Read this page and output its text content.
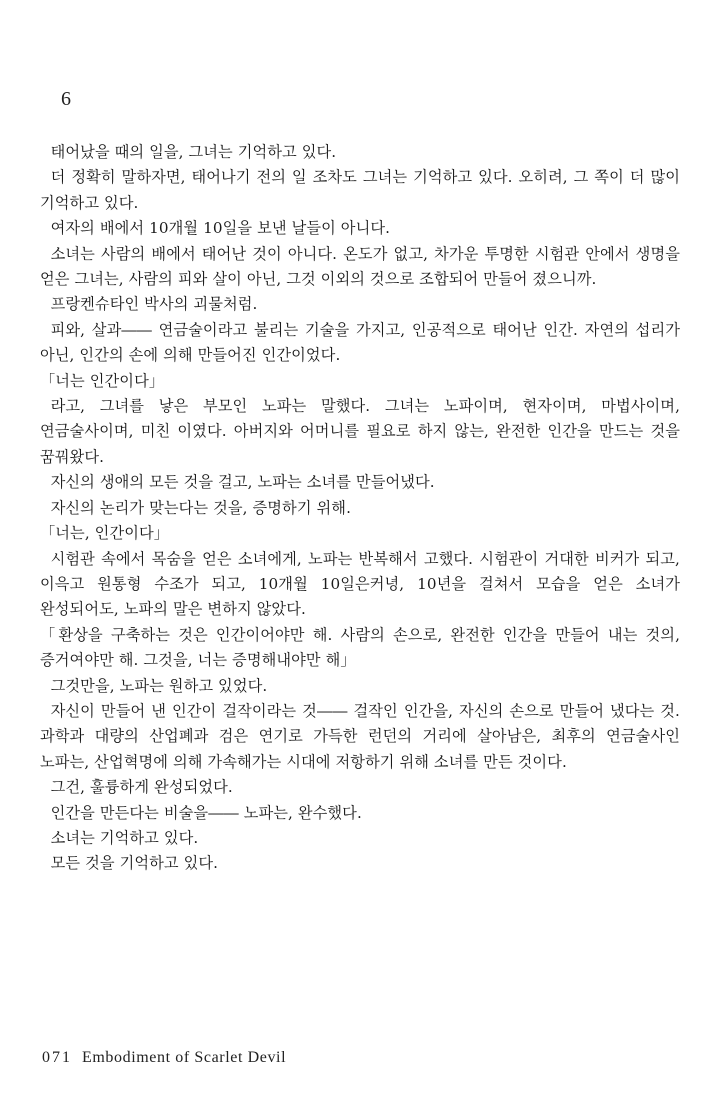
6

태어났을 때의 일을, 그녀는 기억하고 있다.

더 정확히 말하자면, 태어나기 전의 일 조차도 그녀는 기억하고 있다. 오히려, 그 쪽이 더 많이 기억하고 있다.

여자의 배에서 10개월 10일을 보낸 날들이 아니다.

소녀는 사람의 배에서 태어난 것이 아니다. 온도가 없고, 차가운 투명한 시험관 안에서 생명을 얻은 그녀는, 사람의 피와 살이 아닌, 그것 이외의 것으로 조합되어 만들어 졌으니까.

프랑켄슈타인 박사의 괴물처럼.

피와, 살과―― 연금술이라고 불리는 기술을 가지고, 인공적으로 태어난 인간. 자연의 섭리가 아닌, 인간의 손에 의해 만들어진 인간이었다.

「너는 인간이다」

라고, 그녀를 낳은 부모인 노파는 말했다. 그녀는 노파이며, 현자이며, 마법사이며, 연금술사이며, 미친 이였다. 아버지와 어머니를 필요로 하지 않는, 완전한 인간을 만드는 것을 꿈꿔왔다.

자신의 생애의 모든 것을 걸고, 노파는 소녀를 만들어냈다.

자신의 논리가 맞는다는 것을, 증명하기 위해.

「너는, 인간이다」

시험관 속에서 목숨을 얻은 소녀에게, 노파는 반복해서 고했다. 시험관이 거대한 비커가 되고, 이윽고 원통형 수조가 되고, 10개월 10일은커녕, 10년을 걸쳐서 모습을 얻은 소녀가 완성되어도, 노파의 말은 변하지 않았다.

「환상을 구축하는 것은 인간이어야만 해. 사람의 손으로, 완전한 인간을 만들어 내는 것의, 증거여야만 해. 그것을, 너는 증명해내야만 해」

그것만을, 노파는 원하고 있었다.

자신이 만들어 낸 인간이 걸작이라는 것―― 걸작인 인간을, 자신의 손으로 만들어 냈다는 것. 과학과 대량의 산업폐과 검은 연기로 가득한 런던의 거리에 살아남은, 최후의 연금술사인 노파는, 산업혁명에 의해 가속해가는 시대에 저항하기 위해 소녀를 만든 것이다.

그건, 훌륭하게 완성되었다.

인간을 만든다는 비술을―― 노파는, 완수했다.

소녀는 기억하고 있다.

모든 것을 기억하고 있다.

071 Embodiment of Scarlet Devil
